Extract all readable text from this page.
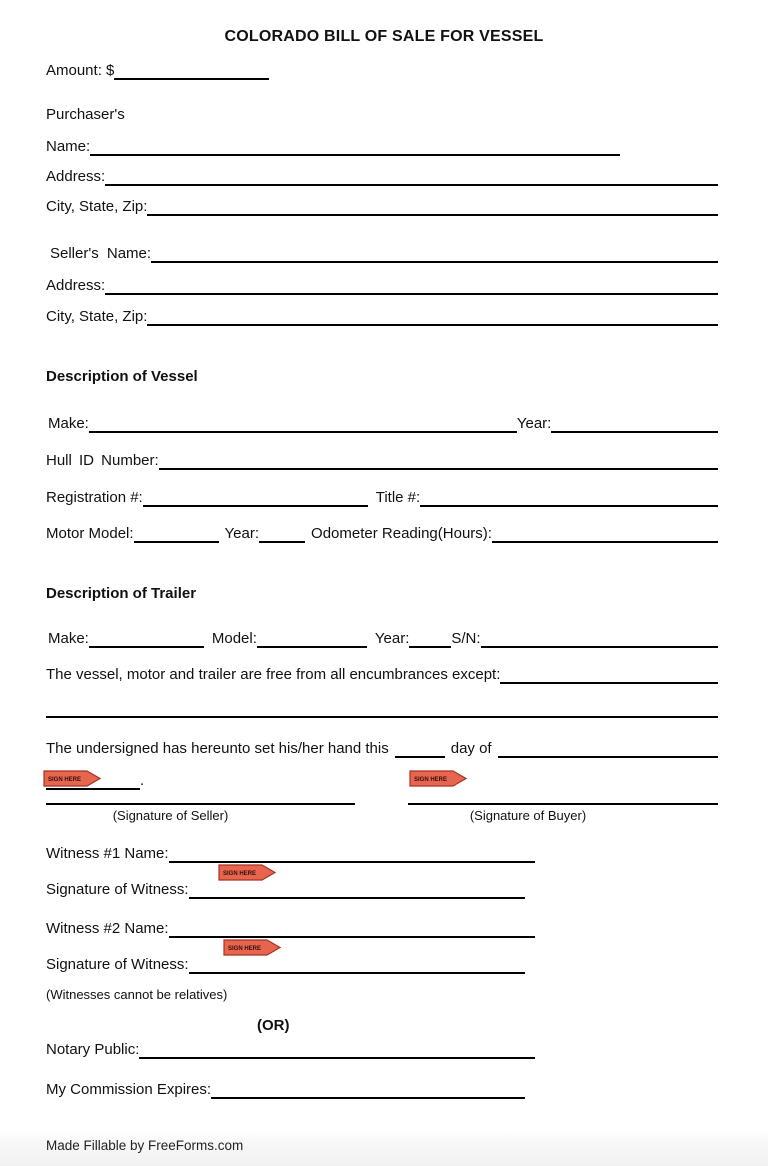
COLORADO BILL OF SALE FOR VESSEL
Amount: $
Purchaser's
Name:
Address:
City, State, Zip:
Seller's Name:
Address:
City, State, Zip:
Description of Vessel
Make:	Year:
Hull ID Number:
Registration #:	Title #:
Motor Model:	Year:	Odometer Reading(Hours):
Description of Trailer
Make:	Model:	Year:	S/N:
The vessel, motor and trailer are free from all encumbrances except:
The undersigned has hereunto set his/her hand this	day of
SIGN HERE	.	SIGN HERE
(Signature of Seller)	(Signature of Buyer)
Witness #1 Name:
SIGN HERE
Signature of Witness:
Witness #2 Name:
SIGN HERE
Signature of Witness:
(Witnesses cannot be relatives)
(OR)
Notary Public:
My Commission Expires:
Made Fillable by FreeForms.com
